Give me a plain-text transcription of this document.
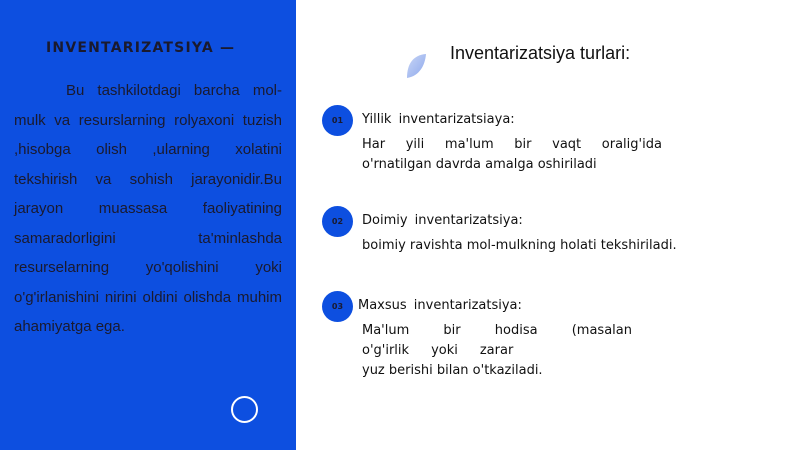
INVENTARIZATSIYA —
Bu tashkilotdagi barcha mol-mulk va resurslarning rolyaxoni tuzish ,hisobga olish ,ularning xolatini tekshirish va sohish jarayonidir.Bu jarayon muassasa faoliyatining samaradorligini ta'minlashda resurselarning yo'qolishini yoki o'g'irlanishini nirini oldini olishda muhim ahamiyatga ega.
Inventarizatsiya turlari:
01	Yillik inventarizatsiaya:
Har yili ma'lum bir vaqt oralig'ida
o'rnatilgan davrda amalga oshiriladi
02	Doimiy inventarizatsiya:
boimiy ravishta mol-mulkning holati tekshiriladi.
03	Maxsus inventarizatsiya:
Ma'lum	bir	hodisa	(masalan
o'g'irlik yoki zarar
yuz berishi bilan o'tkaziladi.
